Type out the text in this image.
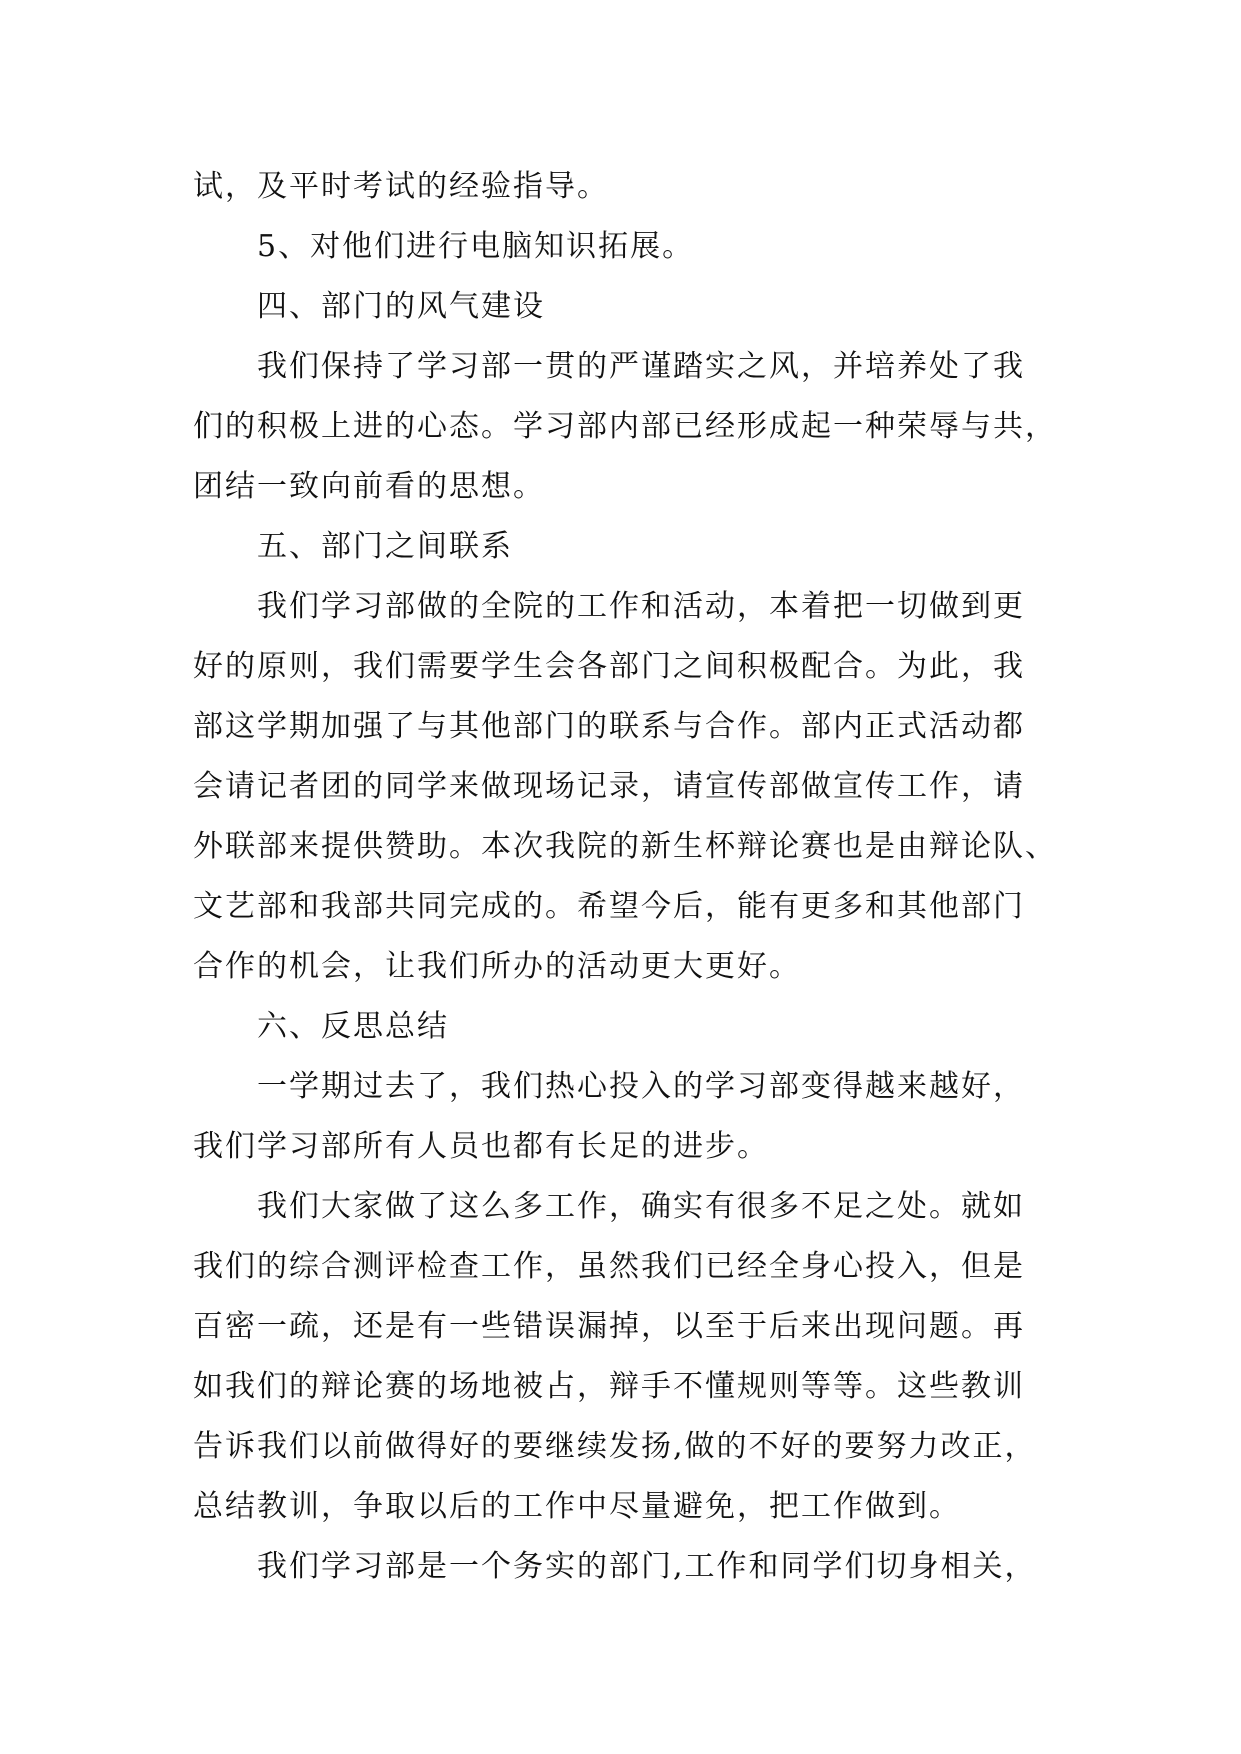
试，及平时考试的经验指导。
5、对他们进行电脑知识拓展。
四、部门的风气建设
我们保持了学习部一贯的严谨踏实之风，并培养处了我
们的积极上进的心态。学习部内部已经形成起一种荣辱与共，
团结一致向前看的思想。
五、部门之间联系
我们学习部做的全院的工作和活动，本着把一切做到更
好的原则，我们需要学生会各部门之间积极配合。为此，我
部这学期加强了与其他部门的联系与合作。部内正式活动都
会请记者团的同学来做现场记录，请宣传部做宣传工作，请
外联部来提供赞助。本次我院的新生杯辩论赛也是由辩论队、
文艺部和我部共同完成的。希望今后，能有更多和其他部门
合作的机会，让我们所办的活动更大更好。
六、反思总结
一学期过去了，我们热心投入的学习部变得越来越好，
我们学习部所有人员也都有长足的进步。
我们大家做了这么多工作，确实有很多不足之处。就如
我们的综合测评检查工作，虽然我们已经全身心投入，但是
百密一疏，还是有一些错误漏掉，以至于后来出现问题。再
如我们的辩论赛的场地被占，辩手不懂规则等等。这些教训
告诉我们以前做得好的要继续发扬,做的不好的要努力改正，
总结教训，争取以后的工作中尽量避免，把工作做到。
我们学习部是一个务实的部门,工作和同学们切身相关，
